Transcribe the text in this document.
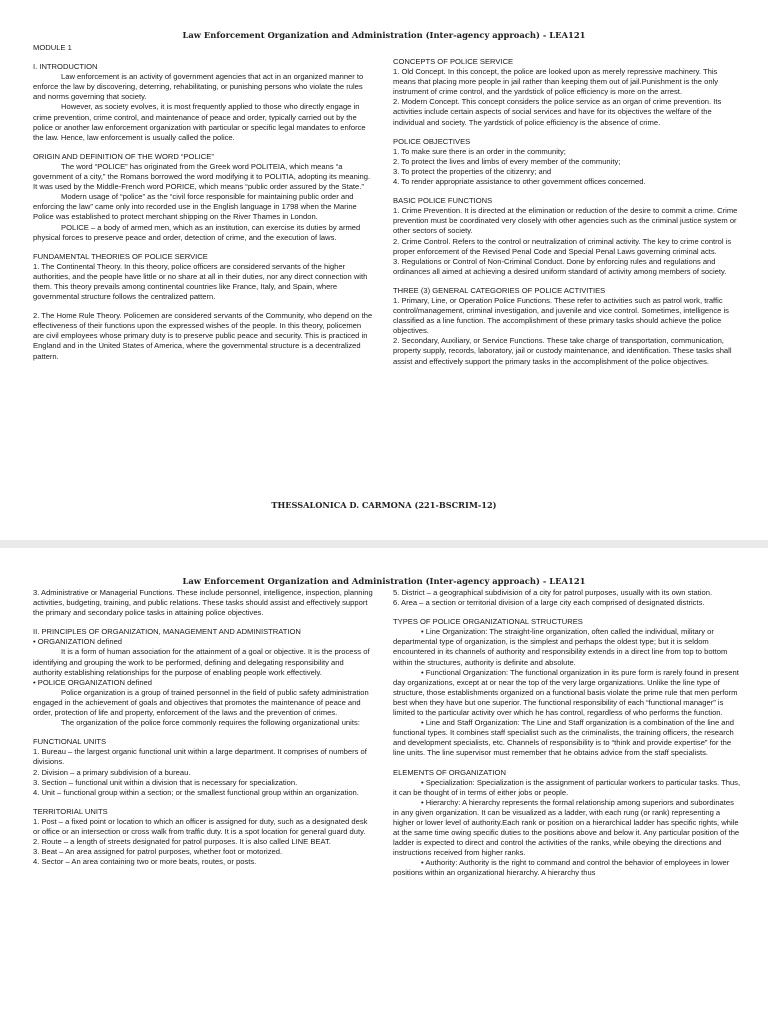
Law Enforcement Organization and Administration (Inter-agency approach) - LEA121

MODULE 1

I. INTRODUCTION

Law enforcement is an activity of government agencies that act in an organized manner to enforce the law by discovering, deterring, rehabilitating, or punishing persons who violate the rules and norms governing that society.

However, as society evolves, it is most frequently applied to those who directly engage in crime prevention, crime control, and maintenance of peace and order, typically carried out by the police or another law enforcement organization with particular or specific legal mandates to enforce the law. Hence, law enforcement is usually called the police.

ORIGIN AND DEFINITION OF THE WORD “POLICE”

The word “POLICE” has originated from the Greek word POLITEIA, which means “a government of a city,” the Romans borrowed the word modifying it to POLITIA, adopting its meaning. It was used by the Middle-French word PORICE, which means “public order assured by the State.”

Modern usage of “police” as the “civil force responsible for maintaining public order and enforcing the law” came only into recorded use in the English language in 1798 when the Marine Police was established to protect merchant shipping on the River Thames in London.

POLICE – a body of armed men, which as an institution, can exercise its duties by armed physical forces to preserve peace and order, detection of crime, and the execution of laws.

FUNDAMENTAL THEORIES OF POLICE SERVICE

1. The Continental Theory. In this theory, police officers are considered servants of the higher authorities, and the people have little or no share at all in their duties, nor any direct connection with them. This theory prevails among continental countries like France, Italy, and Spain, where governmental structure follows the centralized pattern.

2. The Home Rule Theory. Policemen are considered servants of the Community, who depend on the effectiveness of their functions upon the expressed wishes of the people. In this theory, policemen are civil employees whose primary duty is to preserve public peace and security. This is practiced in England and in the United States of America, where the governmental structure is a decentralized pattern.

CONCEPTS OF POLICE SERVICE

1. Old Concept. In this concept, the police are looked upon as merely repressive machinery. This means that placing more people in jail rather than keeping them out of jail.Punishment is the only instrument of crime control, and the yardstick of police efficiency is more on the arrest.

2. Modern Concept. This concept considers the police service as an organ of crime prevention. Its activities include certain aspects of social services and have for its objectives the welfare of the individual and society. The yardstick of police efficiency is the absence of crime.

POLICE OBJECTIVES

1. To make sure there is an order in the community;

2. To protect the lives and limbs of every member of the community;

3. To protect the properties of the citizenry; and

4. To render appropriate assistance to other government offices concerned.

BASIC POLICE FUNCTIONS

1. Crime Prevention. It is directed at the elimination or reduction of the desire to commit a crime. Crime prevention must be coordinated very closely with other agencies such as the criminal justice system or other sectors of society.

2. Crime Control. Refers to the control or neutralization of criminal activity. The key to crime control is proper enforcement of the Revised Penal Code and Special Penal Laws governing criminal acts.

3. Regulations or Control of Non-Criminal Conduct. Done by enforcing rules and regulations and ordinances all aimed at achieving a desired uniform standard of activity among members of society.

THREE (3) GENERAL CATEGORIES OF POLICE ACTIVITIES

1. Primary, Line, or Operation Police Functions. These refer to activities such as patrol work, traffic control/management, criminal investigation, and juvenile and vice control. Sometimes, intelligence is classified as a line function. The accomplishment of these primary tasks should achieve the police objectives.

2. Secondary, Auxiliary, or Service Functions. These take charge of transportation, communication, property supply, records, laboratory, jail or custody maintenance, and identification. These tasks shall assist and effectively support the primary tasks in the accomplishment of the police objectives.

THESSALONICA D. CARMONA (221-BSCRIM-12)
Law Enforcement Organization and Administration (Inter-agency approach) - LEA121

3. Administrative or Managerial Functions. These include personnel, intelligence, inspection, planning activities, budgeting, training, and public relations. These tasks should assist and effectively support the primary and secondary police tasks in attaining police objectives.

II. PRINCIPLES OF ORGANIZATION, MANAGEMENT AND ADMINISTRATION

• ORGANIZATION defined

It is a form of human association for the attainment of a goal or objective. It is the process of identifying and grouping the work to be performed, defining and delegating responsibility and authority establishing relationships for the purpose of enabling people work effectively.

• POLICE ORGANIZATION defined

Police organization is a group of trained personnel in the field of public safety administration engaged in the achievement of goals and objectives that promotes the maintenance of peace and order, protection of life and property, enforcement of the laws and the prevention of crimes.

The organization of the police force commonly requires the following organizational units:

FUNCTIONAL UNITS

1. Bureau – the largest organic functional unit within a large department. It comprises of numbers of divisions.

2. Division – a primary subdivision of a bureau.

3. Section – functional unit within a division that is necessary for specialization.

4. Unit – functional group within a section; or the smallest functional group within an organization.

TERRITORIAL UNITS

1. Post – a fixed point or location to which an officer is assigned for duty, such as a designated desk or office or an intersection or cross walk from traffic duty. It is a spot location for general guard duty.

2. Route – a length of streets designated for patrol purposes. It is also called LINE BEAT.

3. Beat – An area assigned for patrol purposes, whether foot or motorized.

4. Sector – An area containing two or more beats, routes, or posts.

5. District – a geographical subdivision of a city for patrol purposes, usually with its own station.

6. Area – a section or territorial division of a large city each comprised of designated districts.

TYPES OF POLICE ORGANIZATIONAL STRUCTURES

• Line Organization: The straight-line organization, often called the individual, military or departmental type of organization, is the simplest and perhaps the oldest type; but it is seldom encountered in its channels of authority and responsibility extends in a direct line from top to bottom within the structures, authority is definite and absolute.

• Functional Organization: The functional organization in its pure form is rarely found in present day organizations, except at or near the top of the very large organizations. Unlike the line type of structure, those establishments organized on a functional basis violate the prime rule that men perform best when they have but one superior. The functional responsibility of each “functional manager” is limited to the particular activity over which he has control, regardless of who performs the function.

• Line and Staff Organization: The Line and Staff organization is a combination of the line and functional types. It combines staff specialist such as the criminalists, the training officers, the research and development specialists, etc. Channels of responsibility is to “think and provide expertise” for the line units. The line supervisor must remember that he obtains advice from the staff specialists.

ELEMENTS OF ORGANIZATION

• Specialization: Specialization is the assignment of particular workers to particular tasks. Thus, it can be thought of in terms of either jobs or people.

• Hierarchy: A hierarchy represents the formal relationship among superiors and subordinates in any given organization. It can be visualized as a ladder, with each rung (or rank) representing a higher or lower level of authority.Each rank or position on a hierarchical ladder has specific rights, while at the same time owing specific duties to the positions above and below it. Any particular position of the ladder is expected to direct and control the activities of the ranks, while obeying the directions and instructions received from higher ranks.

• Authority: Authority is the right to command and control the behavior of employees in lower positions within an organizational hierarchy. A hierarchy thus
